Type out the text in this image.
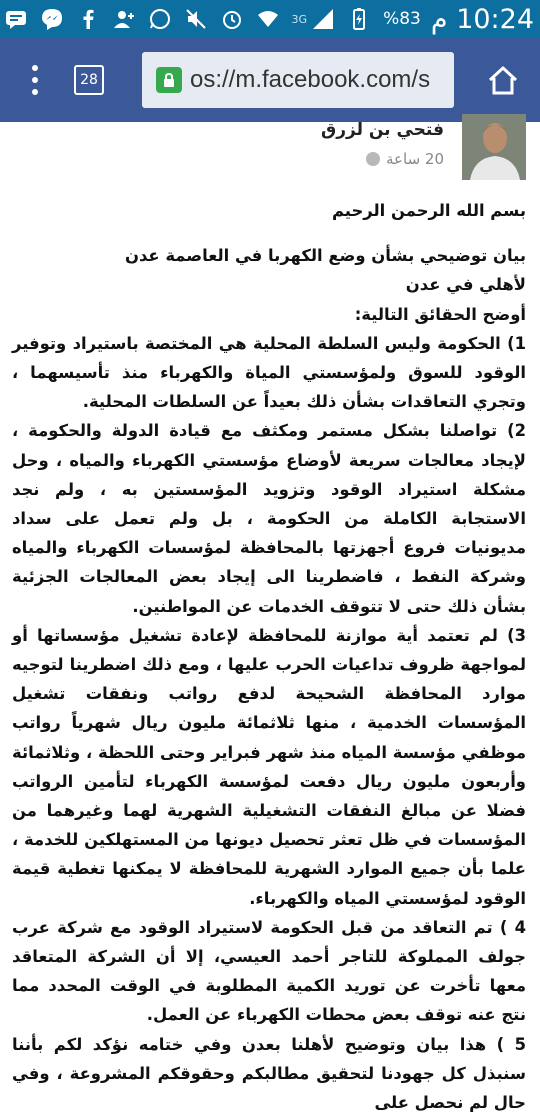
10:24 م
%83
3G
28	os://m.facebook.com/s
فتحي بن لزرق
20 ساعة

بسم الله الرحمن الرحيم

بيان توضيحي بشأن وضع الكهربا في العاصمة عدن

لأهلي في عدن

أوضح الحقائق التالية:

1) الحكومة وليس السلطة المحلية هي المختصة باستيراد وتوفير الوقود للسوق ولمؤسستي المياة والكهرباء منذ تأسيسهما ، وتجري التعاقدات بشأن ذلك بعيداً عن السلطات المحلية.

2) تواصلنا بشكل مستمر ومكثف مع قيادة الدولة والحكومة ، لإيجاد معالجات سريعة لأوضاع مؤسستي الكهرباء والمياه ، وحل مشكلة استيراد الوقود وتزويد المؤسستين به ، ولم نجد الاستجابة الكاملة من الحكومة ، بل ولم تعمل على سداد مديونيات فروع أجهزتها بالمحافظة لمؤسسات الكهرباء والمياه وشركة النفط ، فاضطرينا الى إيجاد بعض المعالجات الجزئية بشأن ذلك حتى لا تتوقف الخدمات عن المواطنين.

3) لم تعتمد أية موازنة للمحافظة لإعادة تشغيل مؤسساتها أو لمواجهة ظروف تداعيات الحرب عليها ، ومع ذلك اضطرينا لتوجيه موارد المحافظة الشحيحة لدفع رواتب ونفقات تشغيل المؤسسات الخدمية ، منها ثلاثمائة مليون ريال شهرياً رواتب موظفي مؤسسة المياه منذ شهر فبراير وحتى اللحظة ، وثلاثمائة وأربعون مليون ريال دفعت لمؤسسة الكهرباء لتأمين الرواتب فضلا عن مبالغ النفقات التشغيلية الشهرية لهما وغيرهما من المؤسسات في ظل تعثر تحصيل ديونها من المستهلكين للخدمة ، علما بأن جميع الموارد الشهرية للمحافظة لا يمكنها تغطية قيمة الوقود لمؤسستي المياه والكهرباء.

4 ) تم التعاقد من قبل الحكومة لاستيراد الوقود مع شركة عرب جولف المملوكة للتاجر أحمد العيسي، إلا أن الشركة المتعاقد معها تأخرت عن توريد الكمية المطلوبة في الوقت المحدد مما نتج عنه توقف بعض محطات الكهرباء عن العمل.

5 ) هذا بيان وتوضيح لأهلنا بعدن وفي ختامه نؤكد لكم بأننا سنبذل كل جهودنا لتحقيق مطالبكم وحقوقكم المشروعة ، وفي حال لم نحصل على
